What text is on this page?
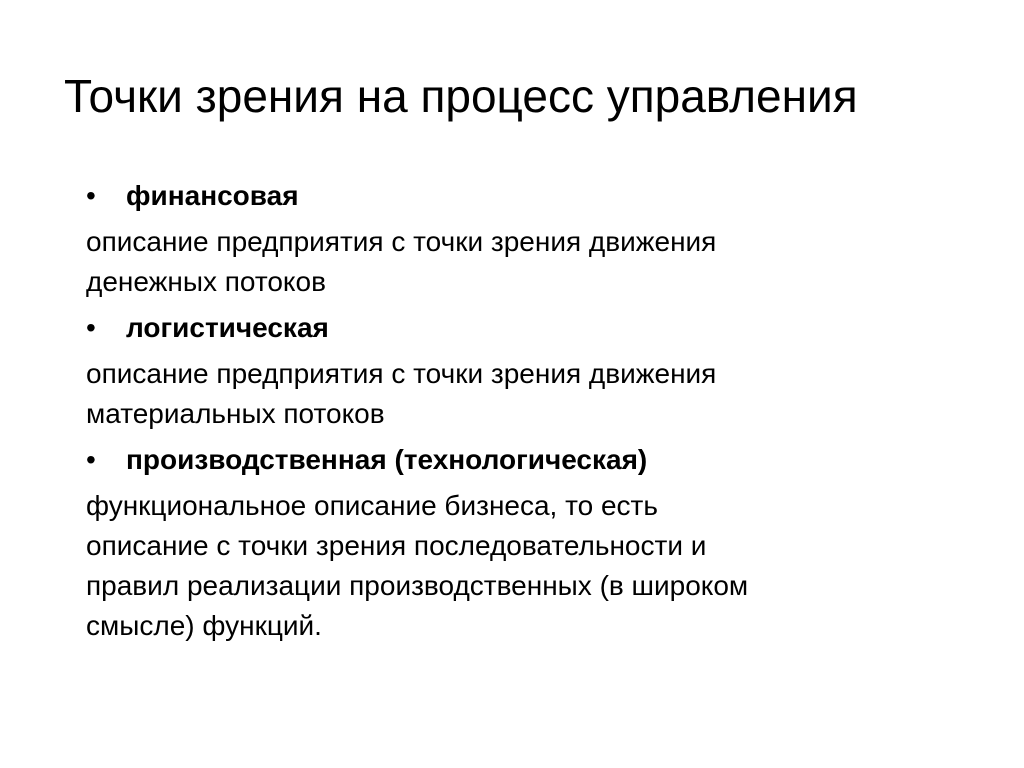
Точки зрения на процесс управления
• финансовая
описание предприятия с точки зрения движения
денежных потоков
• логистическая
описание предприятия с точки зрения движения
материальных потоков
• производственная (технологическая)
функциональное описание бизнеса, то есть
описание с точки зрения последовательности и
правил реализации производственных (в широком
смысле) функций.
